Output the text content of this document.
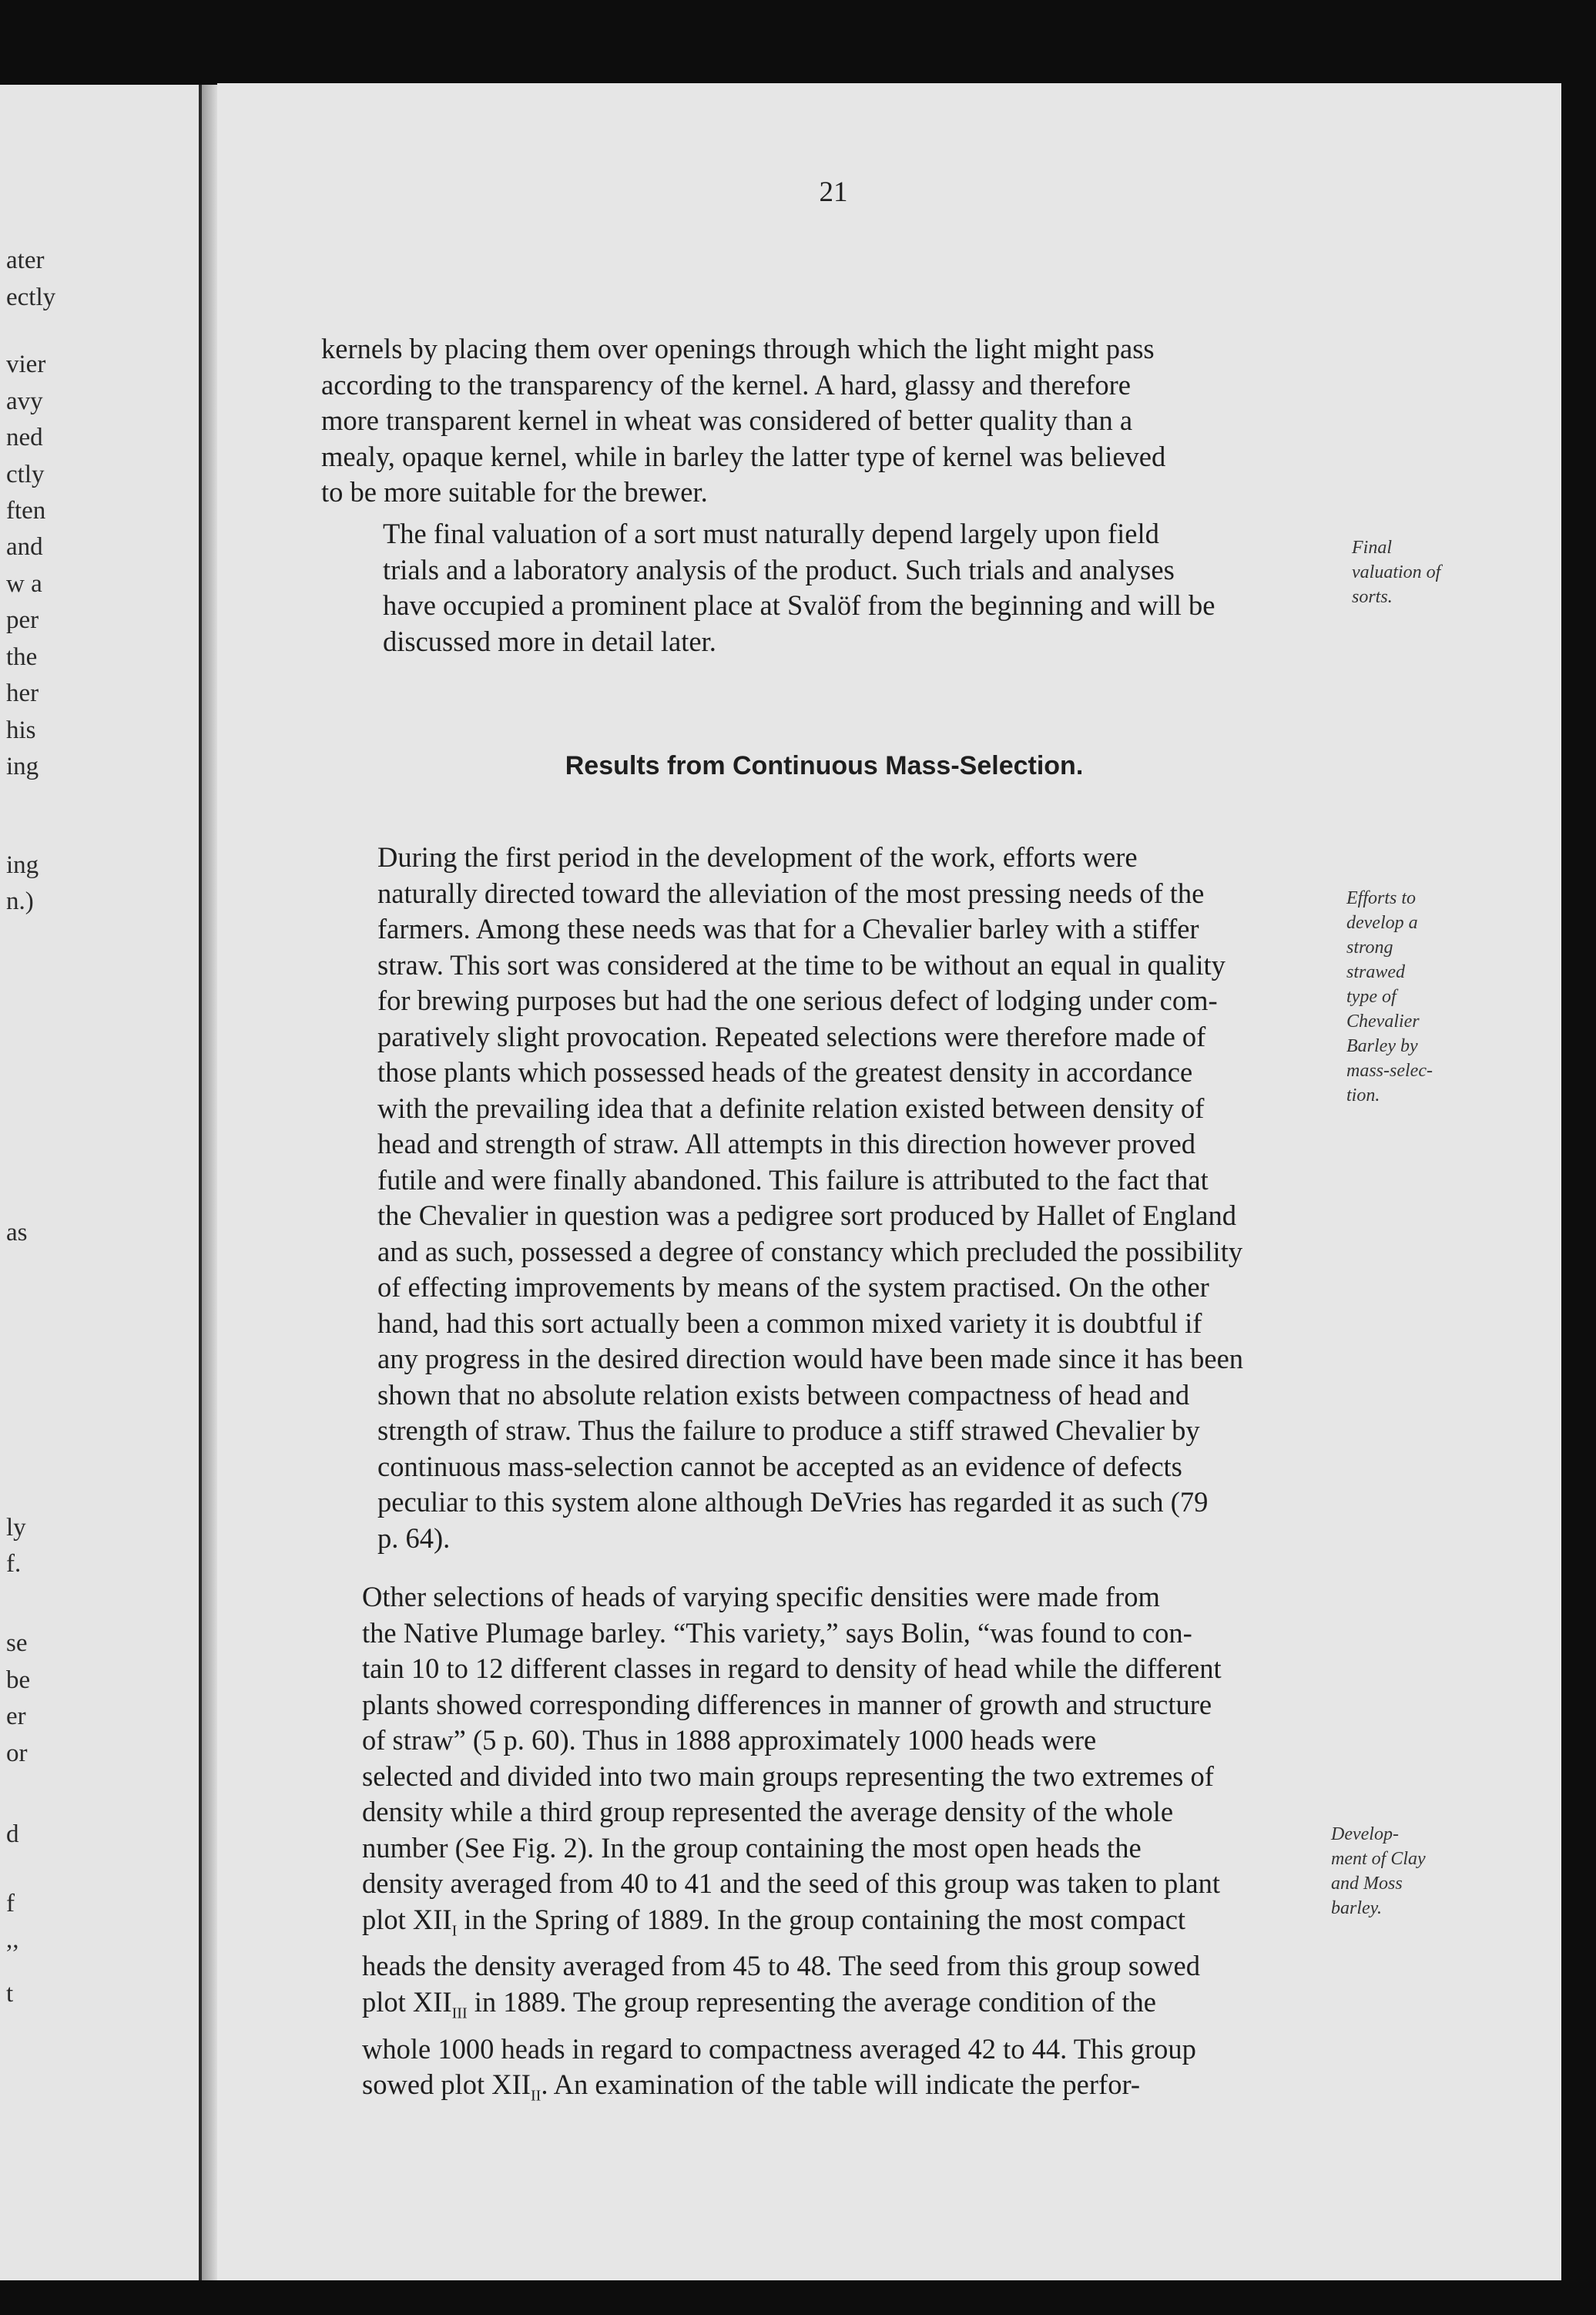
ater
ectly
vier
avy
ned
ctly
ften
and
w a
per
the
her
his
ing
ing
n.)
as
ly
f.
se
be
er
or
d
f
,,
t
21
kernels by placing them over openings through which the light might pass
according to the transparency of the kernel. A hard, glassy and therefore
more transparent kernel in wheat was considered of better quality than a
mealy, opaque kernel, while in barley the latter type of kernel was believed
to be more suitable for the brewer.
The final valuation of a sort must naturally depend largely upon field
trials and a laboratory analysis of the product. Such trials and analyses
have occupied a prominent place at Svalöf from the beginning and will be
discussed more in detail later.
Final
valuation of
sorts.
Results from Continuous Mass-Selection.
During the first period in the development of the work, efforts were
naturally directed toward the alleviation of the most pressing needs of the
farmers. Among these needs was that for a Chevalier barley with a stiffer
straw. This sort was considered at the time to be without an equal in quality
for brewing purposes but had the one serious defect of lodging under com-
paratively slight provocation. Repeated selections were therefore made of
those plants which possessed heads of the greatest density in accordance
with the prevailing idea that a definite relation existed between density of
head and strength of straw. All attempts in this direction however proved
futile and were finally abandoned. This failure is attributed to the fact that
the Chevalier in question was a pedigree sort produced by Hallet of England
and as such, possessed a degree of constancy which precluded the possibility
of effecting improvements by means of the system practised. On the other
hand, had this sort actually been a common mixed variety it is doubtful if
any progress in the desired direction would have been made since it has been
shown that no absolute relation exists between compactness of head and
strength of straw. Thus the failure to produce a stiff strawed Chevalier by
continuous mass-selection cannot be accepted as an evidence of defects
peculiar to this system alone although DeVries has regarded it as such (79
p. 64).
Efforts to
develop a
strong
strawed
type of
Chevalier
Barley by
mass-selec-
tion.
Other selections of heads of varying specific densities were made from
the Native Plumage barley. “This variety,” says Bolin, “was found to con-
tain 10 to 12 different classes in regard to density of head while the different
plants showed corresponding differences in manner of growth and structure
of straw” (5 p. 60). Thus in 1888 approximately 1000 heads were
selected and divided into two main groups representing the two extremes of
density while a third group represented the average density of the whole
number (See Fig. 2). In the group containing the most open heads the
density averaged from 40 to 41 and the seed of this group was taken to plant
plot $XII_I$ in the Spring of 1889. In the group containing the most compact
heads the density averaged from 45 to 48. The seed from this group sowed
plot $XII_{III}$ in 1889. The group representing the average condition of the
whole 1000 heads in regard to compactness averaged 42 to 44. This group
sowed plot $XII_{II}$. An examination of the table will indicate the perfor-
Develop-
ment of Clay
and Moss
barley.
